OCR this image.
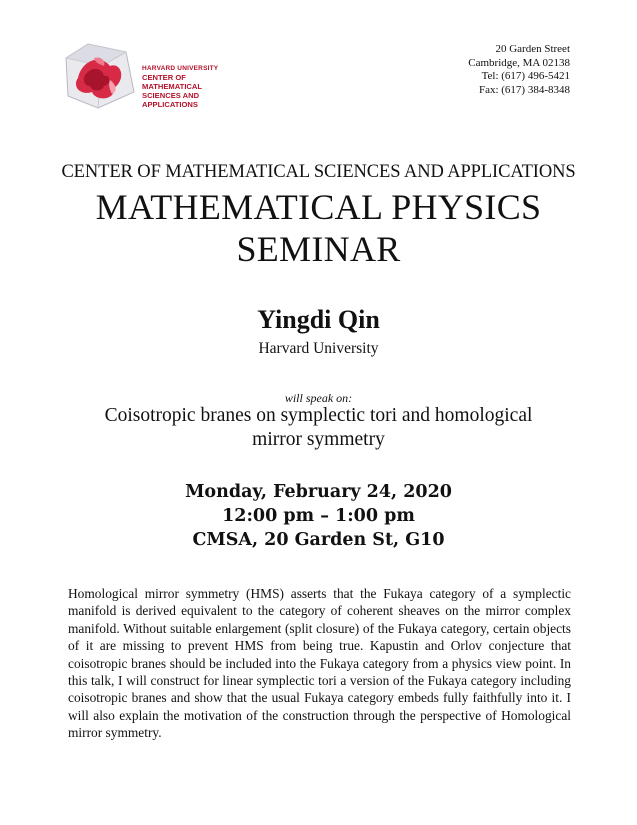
HARVARD UNIVERSITY
CENTER OF MATHEMATICAL
SCIENCES AND APPLICATIONS
20 Garden Street
Cambridge, MA 02138
Tel: (617) 496-5421
Fax: (617) 384-8348
CENTER OF MATHEMATICAL SCIENCES AND APPLICATIONS
MATHEMATICAL PHYSICS
SEMINAR
Yingdi Qin
Harvard University
will speak on:
Coisotropic branes on symplectic tori and homological
mirror symmetry
Monday, February 24, 2020
12:00 pm – 1:00 pm
CMSA, 20 Garden St, G10
Homological mirror symmetry (HMS) asserts that the Fukaya category of a symplectic manifold is derived equivalent to the category of coherent sheaves on the mirror complex manifold. Without suitable enlargement (split closure) of the Fukaya category, certain objects of it are missing to prevent HMS from being true. Kapustin and Orlov conjecture that coisotropic branes should be included into the Fukaya category from a physics view point. In this talk, I will construct for linear symplectic tori a version of the Fukaya category including coisotropic branes and show that the usual Fukaya category embeds fully faithfully into it. I will also explain the motivation of the construction through the perspective of Homological mirror symmetry.
